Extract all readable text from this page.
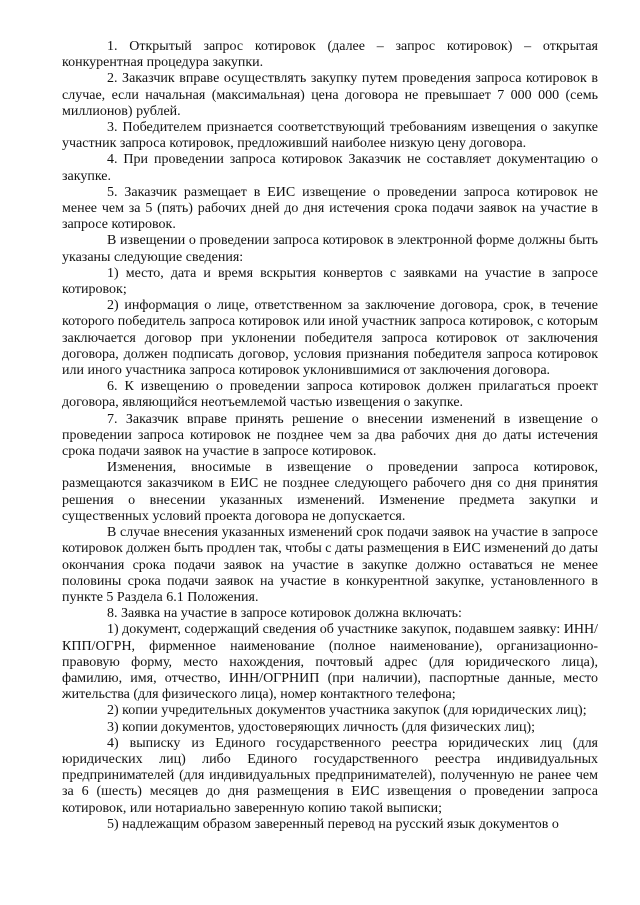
1. Открытый запрос котировок (далее – запрос котировок) – открытая конкурентная процедура закупки.

2. Заказчик вправе осуществлять закупку путем проведения запроса котировок в случае, если начальная (максимальная) цена договора не превышает 7 000 000 (семь миллионов) рублей.

3. Победителем признается соответствующий требованиям извещения о закупке участник запроса котировок, предложивший наиболее низкую цену договора.

4. При проведении запроса котировок Заказчик не составляет документацию о закупке.

5. Заказчик размещает в ЕИС извещение о проведении запроса котировок не менее чем за 5 (пять) рабочих дней до дня истечения срока подачи заявок на участие в запросе котировок.

В извещении о проведении запроса котировок в электронной форме должны быть указаны следующие сведения:

1) место, дата и время вскрытия конвертов с заявками на участие в запросе котировок;

2) информация о лице, ответственном за заключение договора, срок, в течение которого победитель запроса котировок или иной участник запроса котировок, с которым заключается договор при уклонении победителя запроса котировок от заключения договора, должен подписать договор, условия признания победителя запроса котировок или иного участника запроса котировок уклонившимися от заключения договора.

6. К извещению о проведении запроса котировок должен прилагаться проект договора, являющийся неотъемлемой частью извещения о закупке.

7. Заказчик вправе принять решение о внесении изменений в извещение о проведении запроса котировок не позднее чем за два рабочих дня до даты истечения срока подачи заявок на участие в запросе котировок.

Изменения, вносимые в извещение о проведении запроса котировок, размещаются заказчиком в ЕИС не позднее следующего рабочего дня со дня принятия решения о внесении указанных изменений. Изменение предмета закупки и существенных условий проекта договора не допускается.

В случае внесения указанных изменений срок подачи заявок на участие в запросе котировок должен быть продлен так, чтобы с даты размещения в ЕИС изменений до даты окончания срока подачи заявок на участие в закупке должно оставаться не менее половины срока подачи заявок на участие в конкурентной закупке, установленного в пункте 5 Раздела 6.1 Положения.

8. Заявка на участие в запросе котировок должна включать:

1) документ, содержащий сведения об участнике закупок, подавшем заявку: ИНН/КПП/ОГРН, фирменное наименование (полное наименование), организационно-правовую форму, место нахождения, почтовый адрес (для юридического лица), фамилию, имя, отчество, ИНН/ОГРНИП (при наличии), паспортные данные, место жительства (для физического лица), номер контактного телефона;

2) копии учредительных документов участника закупок (для юридических лиц);

3) копии документов, удостоверяющих личность (для физических лиц);

4) выписку из Единого государственного реестра юридических лиц (для юридических лиц) либо Единого государственного реестра индивидуальных предпринимателей (для индивидуальных предпринимателей), полученную не ранее чем за 6 (шесть) месяцев до дня размещения в ЕИС извещения о проведении запроса котировок, или нотариально заверенную копию такой выписки;

5) надлежащим образом заверенный перевод на русский язык документов о
